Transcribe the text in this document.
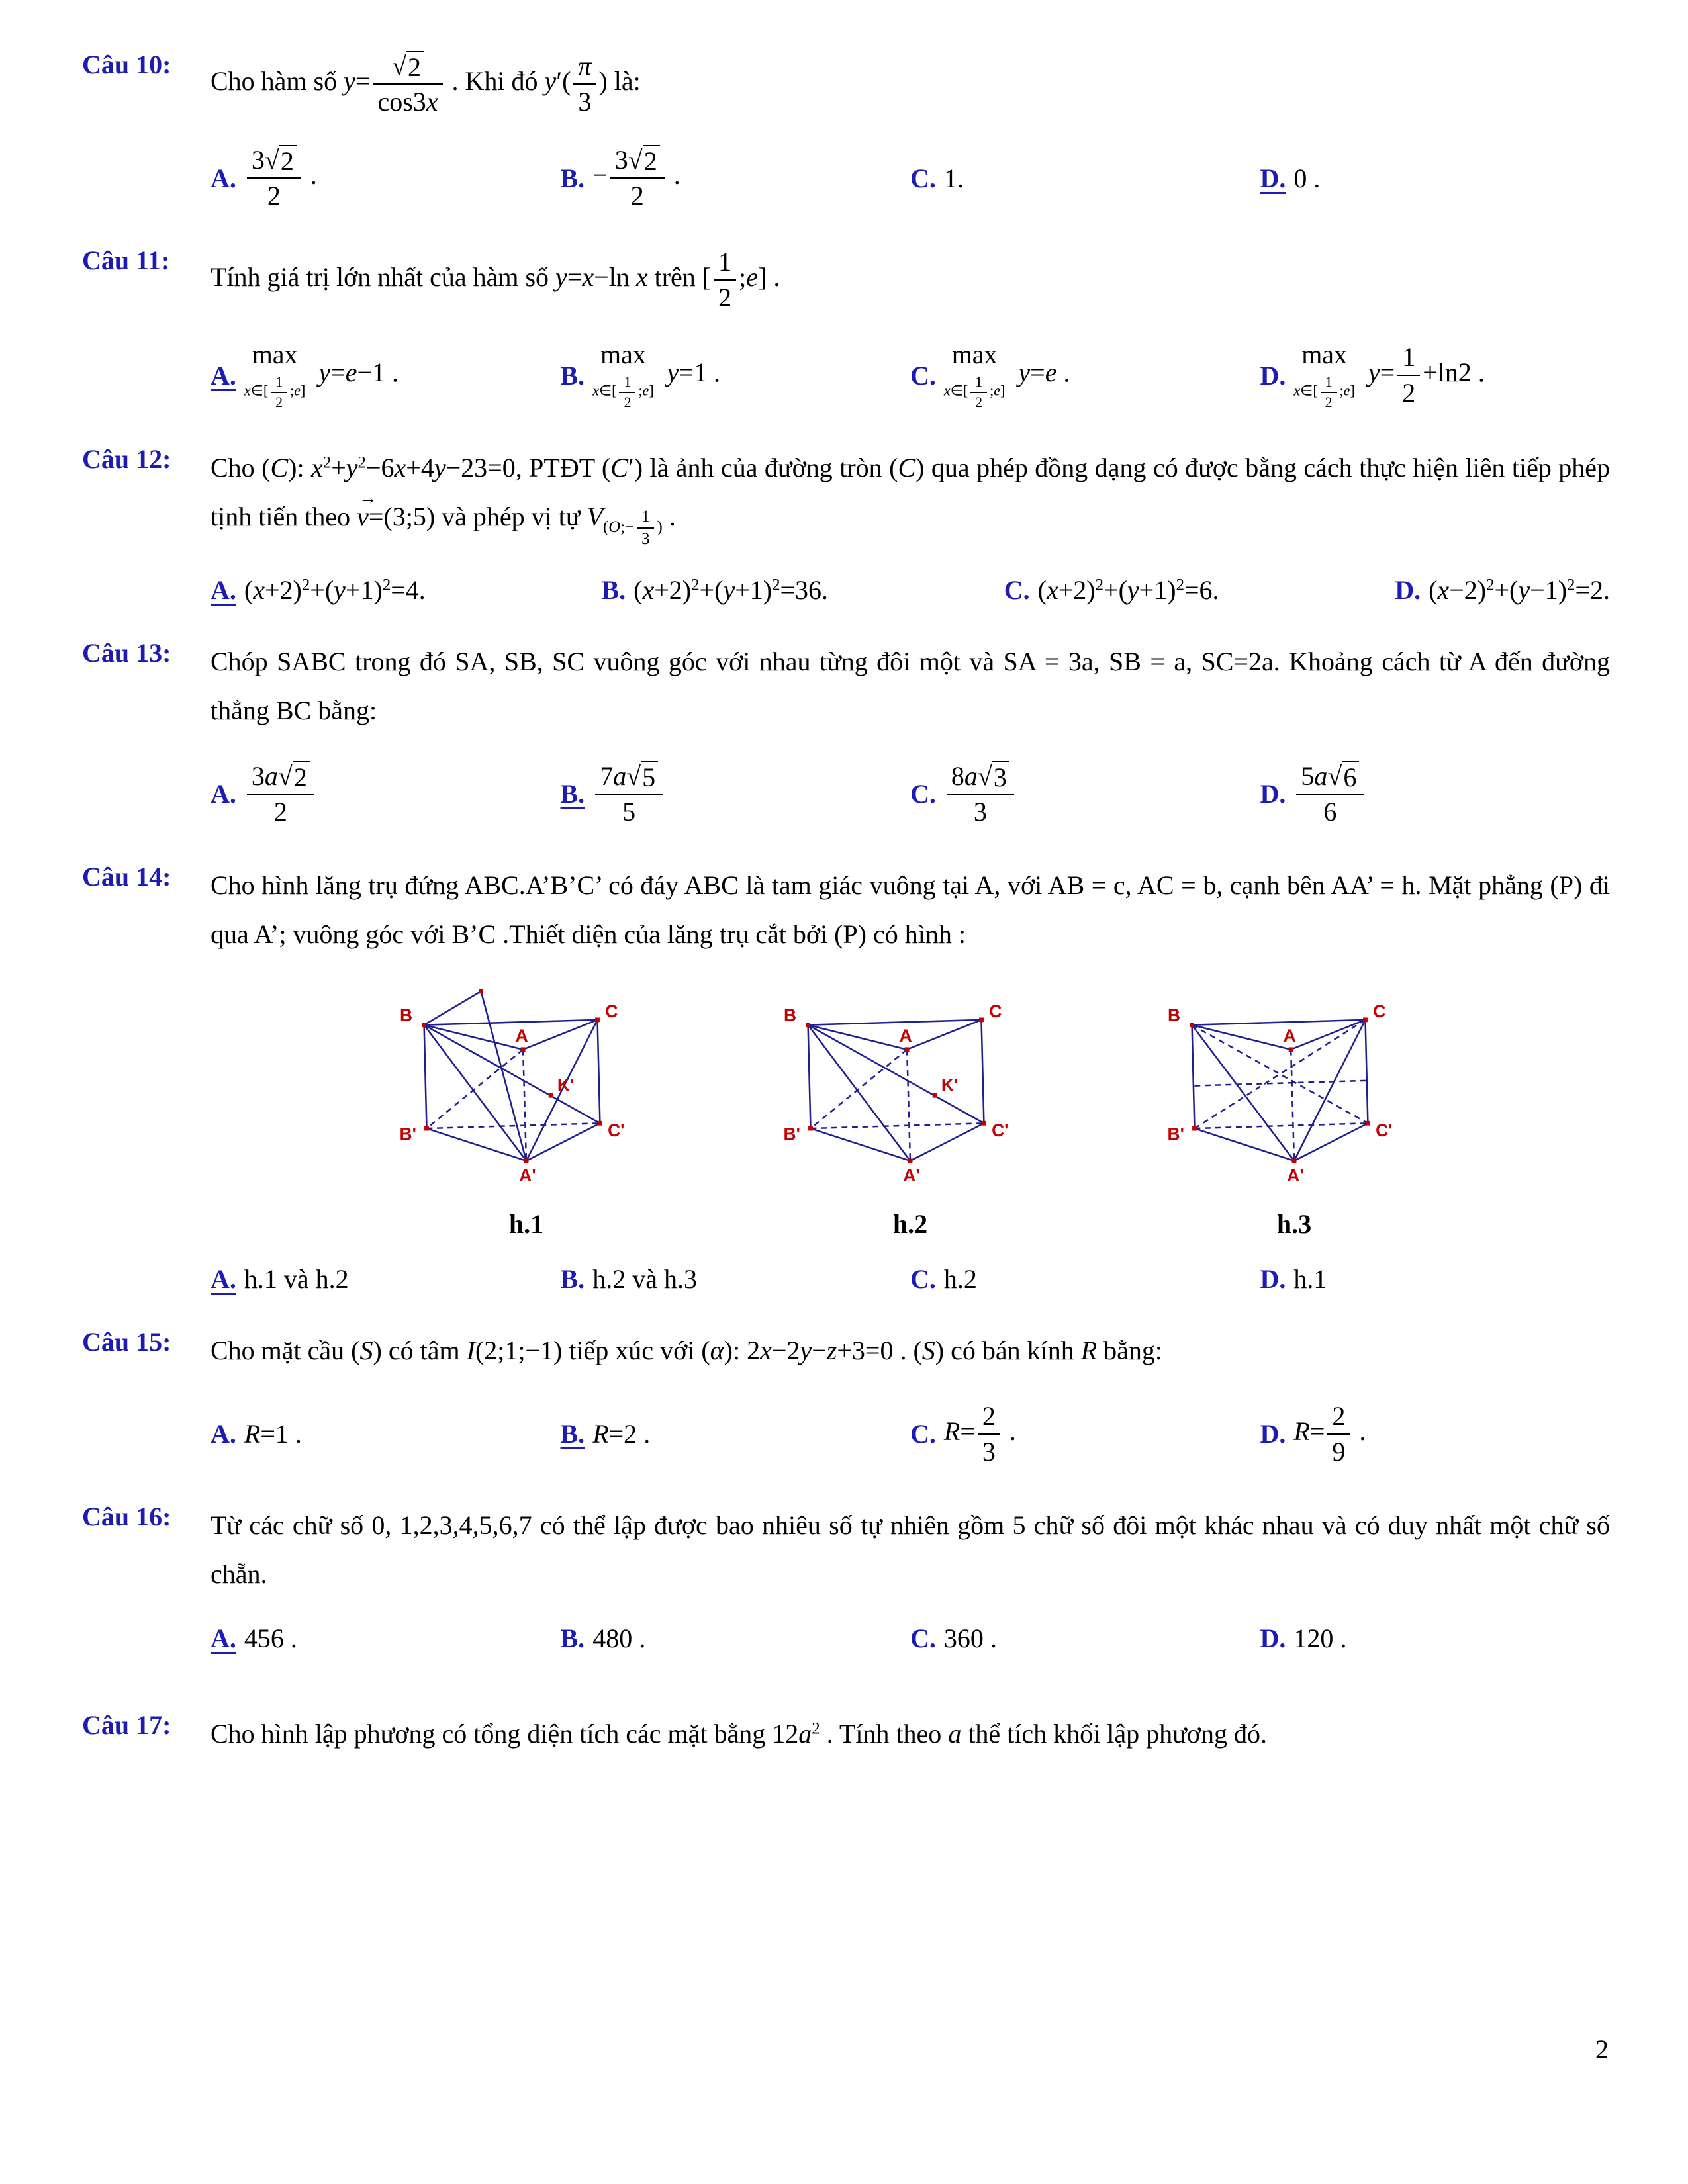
Câu 10:
Cho hàm số $y= \frac{√ 2}{\cos 3x}$ . Khi đó $y'( \frac{\pi}{3}$ ) là:
A. $\frac{3 √ 2}{2}$ .	B. − $\frac{3 √ 2}{2}$ .	C. 1.	D. 0 .
Câu 11:
Tính giá trị lớn nhất của hàm số y=x−ln x trên [ $\frac{1}{2}$ ;e] .
A.
max
x∈[ $\frac{1}{2}$ ;e]
y=e−1 .	B.
max
x∈[ $\frac{1}{2}$ ;e]
y=1 .	C.
max
x∈[ $\frac{1}{2}$ ;e]
y=e .	D.
max
x∈[ $\frac{1}{2}$ ;e]
$y= \frac{1}{2} +\ln 2$ .
Câu 12:	Cho (C): $x^2+y^2-6x+4y-23=0$, PTĐT (C′) là ảnh của đường tròn (C) qua phép đồng dạng có được bằng cách thực hiện liên tiếp phép tịnh tiến theo
→
v=(3;5) và phép vị tự $V_{(O;- \frac{1}{3} )}$ .
A. $(x+2)^2+(y+1)^2=4$.	B. $(x+2)^2+(y+1)^2=36$.	C. $(x+2)^2+(y+1)^2=6$.	D. $(x-2)^2+(y-1)^2=2$.
Câu 13:	Chóp SABC trong đó SA, SB, SC vuông góc với nhau từng đôi một và SA = 3a, SB = a, SC=2a. Khoảng cách từ A đến đường thẳng BC bằng:
A. $\frac{3a √ 2}{2}$	B. $\frac{7a √ 5}{5}$	C. $\frac{8a √ 3}{3}$	D. $\frac{5a √ 6}{6}$
Câu 14:	Cho hình lăng trụ đứng ABC.A’B’C’ có đáy ABC là tam giác vuông tại A, với AB = c, AC = b, cạnh bên AA’ = h. Mặt phẳng (P) đi qua A’; vuông góc với B’C .Thiết diện của lăng trụ cắt bởi (P) có hình :
B	C
A
B'	C'
A'
K'
h.1
B	C
A
B'	C'
A'
K'
h.2
B	C
A
B'	C'
A'
h.3
A. h.1 và h.2	B. h.2 và h.3	C. h.2	D. h.1
Câu 15:	Cho mặt cầu (S) có tâm I(2;1;−1) tiếp xúc với (α): 2x−2y−z+3=0 . (S) có bán kính R bằng:
A. R=1 .	B. R=2 .	C. $R= \frac{2}{3}$ .	D. $R= \frac{2}{9}$ .
Câu 16:	Từ các chữ số 0, 1,2,3,4,5,6,7 có thể lập được bao nhiêu số tự nhiên gồm 5 chữ số đôi một khác nhau và có duy nhất một chữ số chẵn.
A. 456 .	B. 480 .	C. 360 .	D. 120 .
Câu 17:	Cho hình lập phương có tổng diện tích các mặt bằng $12a^2$ . Tính theo a thể tích khối lập phương đó.
2
